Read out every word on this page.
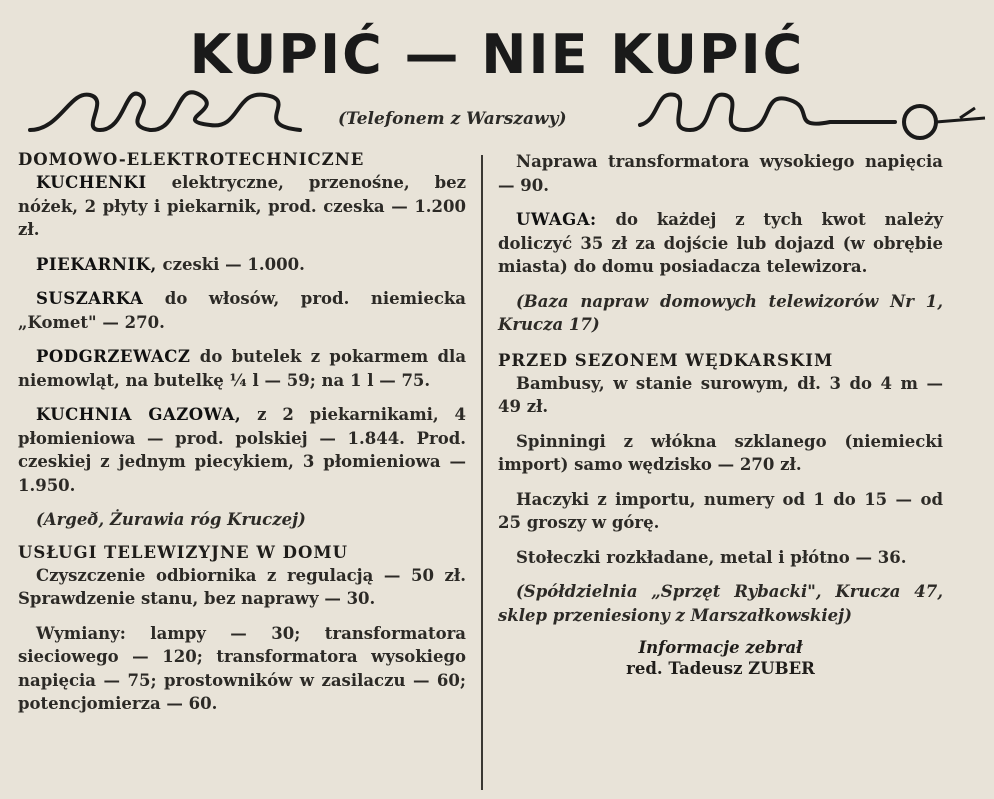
KUPIĆ — NIE KUPIĆ
(Telefonem z Warszawy)
DOMOWO-ELEKTROTECHNICZNE

KUCHENKI elektryczne, przenośne, bez nóżek, 2 płyty i piekarnik, prod. czeska — 1.200 zł.

PIEKARNIK, czeski — 1.000.

SUSZARKA do włosów, prod. niemiecka „Komet" — 270.

PODGRZEWACZ do butelek z pokarmem dla niemowląt, na butelkę ¼ l — 59; na 1 l — 75.

KUCHNIA GAZOWA, z 2 piekarnikami, 4 płomieniowa — prod. polskiej — 1.844. Prod. czeskiej z jednym piecykiem, 3 płomieniowa — 1.950.

(Argeð, Żurawia róg Kruczej)

USŁUGI TELEWIZYJNE W DOMU

Czyszczenie odbiornika z regulacją — 50 zł. Sprawdzenie stanu, bez naprawy — 30.

Wymiany: lampy — 30; transformatora sieciowego — 120; transformatora wysokiego napięcia — 75; prostowników w zasilaczu — 60; potencjomierza — 60.

Naprawa transformatora wysokiego napięcia — 90.

UWAGA: do każdej z tych kwot należy doliczyć 35 zł za dojście lub dojazd (w obrębie miasta) do domu posiadacza telewizora.

(Baza napraw domowych telewizorów Nr 1, Krucza 17)

PRZED SEZONEM WĘDKARSKIM

Bambusy, w stanie surowym, dł. 3 do 4 m — 49 zł.

Spinningi z włókna szklanego (niemiecki import) samo wędzisko — 270 zł.

Haczyki z importu, numery od 1 do 15 — od 25 groszy w górę.

Stołeczki rozkładane, metal i płótno — 36.

(Spółdzielnia „Sprzęt Rybacki", Krucza 47, sklep przeniesiony z Marszałkowskiej)

Informacje zebrał
red. Tadeusz ZUBER
